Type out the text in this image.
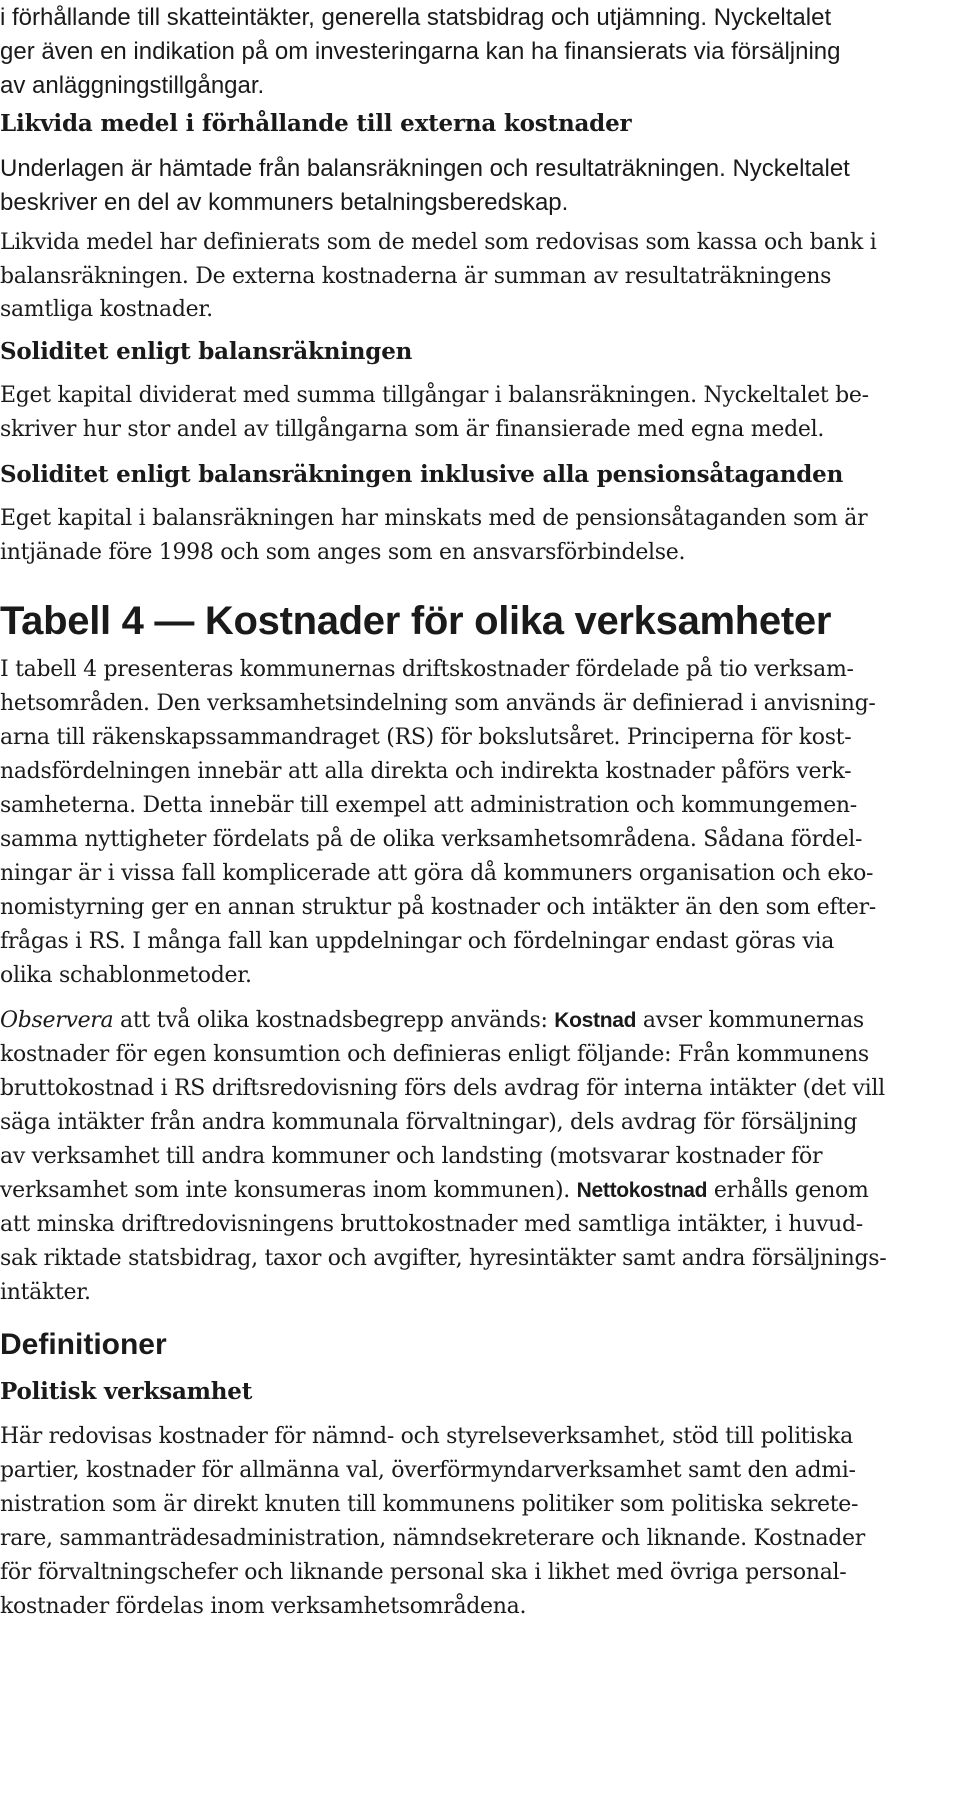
i förhållande till skatteintäkter, generella statsbidrag och utjämning. Nyckeltalet

ger även en indikation på om investeringarna kan ha finansierats via försäljning

av anläggningstillgångar.

Likvida medel i förhållande till externa kostnader

Underlagen är hämtade från balansräkningen och resultaträkningen. Nyckeltalet

beskriver en del av kommuners betalningsberedskap.

Likvida medel har definierats som de medel som redovisas som kassa och bank i

balansräkningen. De externa kostnaderna är summan av resultaträkningens

samtliga kostnader.

Soliditet enligt balansräkningen

Eget kapital dividerat med summa tillgångar i balansräkningen. Nyckeltalet be-

skriver hur stor andel av tillgångarna som är finansierade med egna medel.

Soliditet enligt balansräkningen inklusive alla pensionsåtaganden

Eget kapital i balansräkningen har minskats med de pensionsåtaganden som är

intjänade före 1998 och som anges som en ansvarsförbindelse.

Tabell 4 — Kostnader för olika verksamheter

I tabell 4 presenteras kommunernas driftskostnader fördelade på tio verksam-

hetsområden. Den verksamhetsindelning som används är definierad i anvisning-

arna till räkenskapssammandraget (RS) för bokslutsåret. Principerna för kost-

nadsfördelningen innebär att alla direkta och indirekta kostnader påförs verk-

samheterna. Detta innebär till exempel att administration och kommungemen-

samma nyttigheter fördelats på de olika verksamhetsområdena. Sådana fördel-

ningar är i vissa fall komplicerade att göra då kommuners organisation och eko-

nomistyrning ger en annan struktur på kostnader och intäkter än den som efter-

frågas i RS. I många fall kan uppdelningar och fördelningar endast göras via

olika schablonmetoder.

Observera att två olika kostnadsbegrepp används: Kostnad avser kommunernas

kostnader för egen konsumtion och definieras enligt följande: Från kommunens

bruttokostnad i RS driftsredovisning förs dels avdrag för interna intäkter (det vill

säga intäkter från andra kommunala förvaltningar), dels avdrag för försäljning

av verksamhet till andra kommuner och landsting (motsvarar kostnader för

verksamhet som inte konsumeras inom kommunen). Nettokostnad erhålls genom

att minska driftredovisningens bruttokostnader med samtliga intäkter, i huvud-

sak riktade statsbidrag, taxor och avgifter, hyresintäkter samt andra försäljnings-

intäkter.

Definitioner
Politisk verksamhet

Här redovisas kostnader för nämnd- och styrelseverksamhet, stöd till politiska

partier, kostnader för allmänna val, överförmyndarverksamhet samt den admi-

nistration som är direkt knuten till kommunens politiker som politiska sekrete-

rare, sammanträdesadministration, nämndsekreterare och liknande. Kostnader

för förvaltningschefer och liknande personal ska i likhet med övriga personal-

kostnader fördelas inom verksamhetsområdena.
